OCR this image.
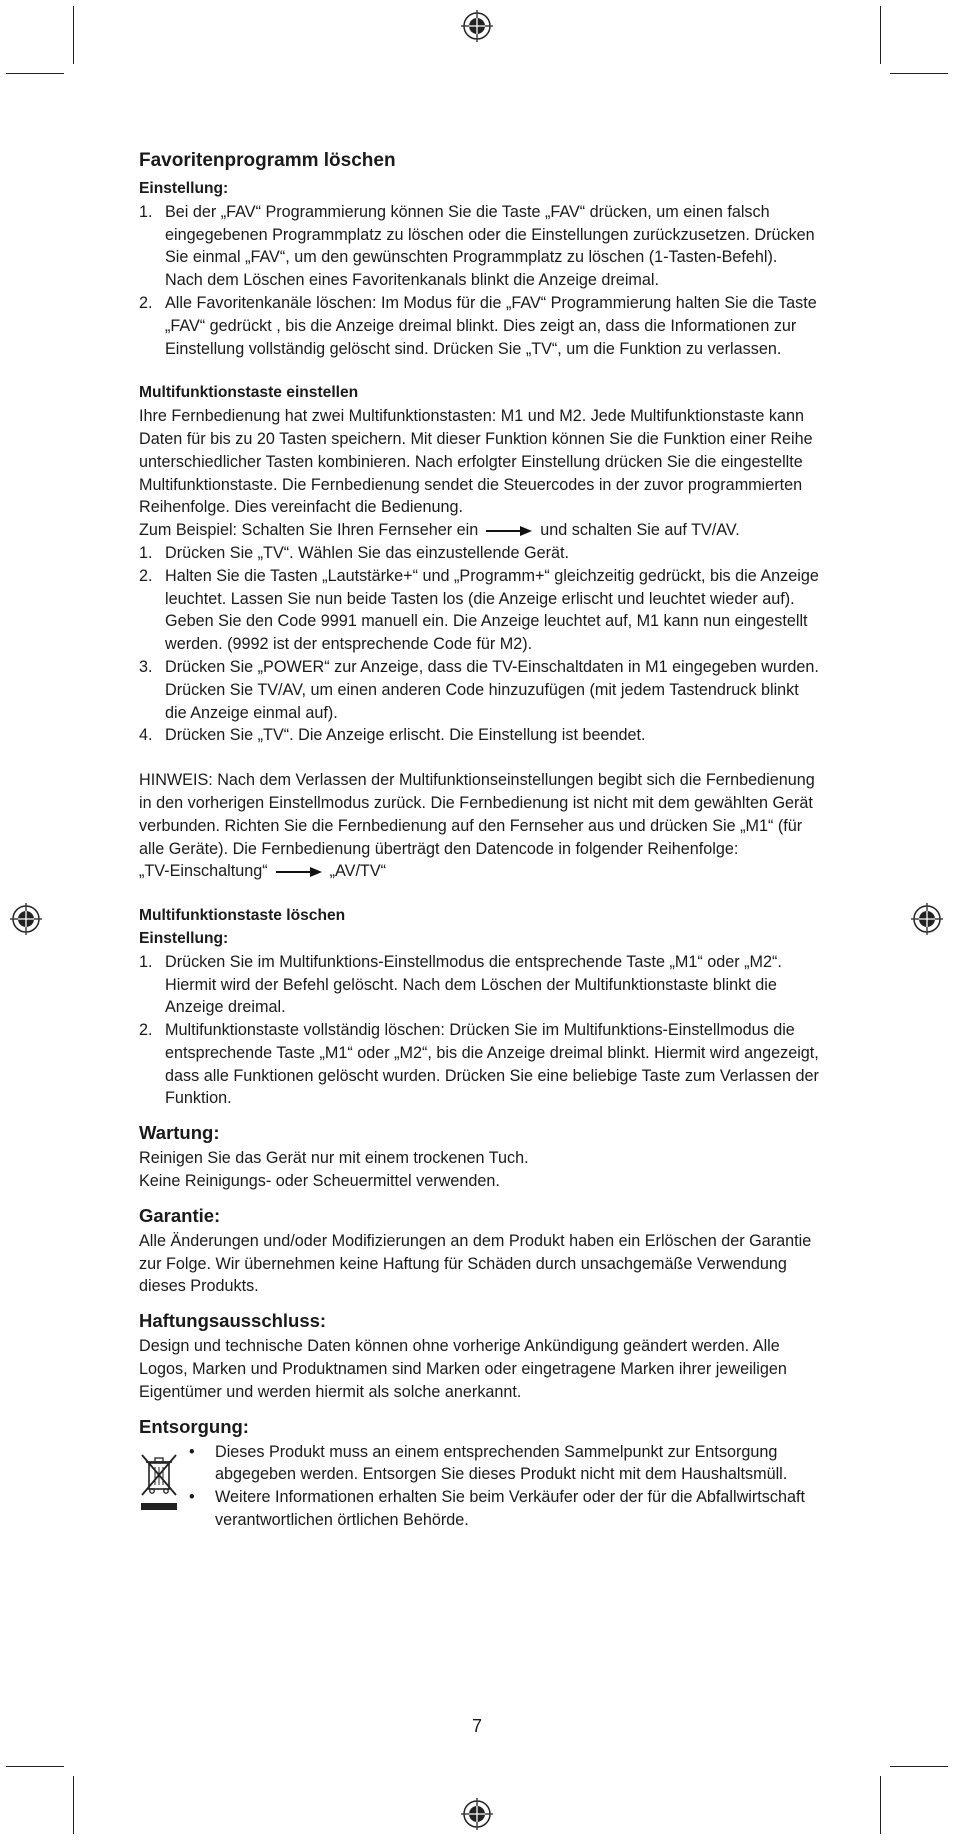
Favoritenprogramm löschen
Einstellung:
1. Bei der „FAV“ Programmierung können Sie die Taste „FAV“ drücken, um einen falsch eingegebenen Programmplatz zu löschen oder die Einstellungen zurückzusetzen. Drücken Sie einmal „FAV“, um den gewünschten Programmplatz zu löschen (1-Tasten-Befehl). Nach dem Löschen eines Favoritenkanals blinkt die Anzeige dreimal.
2. Alle Favoritenkanäle löschen: Im Modus für die „FAV“ Programmierung halten Sie die Taste „FAV“ gedrückt , bis die Anzeige dreimal blinkt. Dies zeigt an, dass die Informationen zur Einstellung vollständig gelöscht sind. Drücken Sie „TV“, um die Funktion zu verlassen.
Multifunktionstaste einstellen

Ihre Fernbedienung hat zwei Multifunktionstasten: M1 und M2. Jede Multifunktionstaste kann Daten für bis zu 20 Tasten speichern. Mit dieser Funktion können Sie die Funktion einer Reihe unterschiedlicher Tasten kombinieren. Nach erfolgter Einstellung drücken Sie die eingestellte Multifunktionstaste. Die Fernbedienung sendet die Steuercodes in der zuvor programmierten Reihenfolge. Dies vereinfacht die Bedienung.

Zum Beispiel: Schalten Sie Ihren Fernseher ein	und schalten Sie auf TV/AV.

1. Drücken Sie „TV“. Wählen Sie das einzustellende Gerät.
2. Halten Sie die Tasten „Lautstärke+“ und „Programm+“ gleichzeitig gedrückt, bis die Anzeige leuchtet. Lassen Sie nun beide Tasten los (die Anzeige erlischt und leuchtet wieder auf).
Geben Sie den Code 9991 manuell ein. Die Anzeige leuchtet auf, M1 kann nun eingestellt werden. (9992 ist der entsprechende Code für M2).
3. Drücken Sie „POWER“ zur Anzeige, dass die TV-Einschaltdaten in M1 eingegeben wurden. Drücken Sie TV/AV, um einen anderen Code hinzuzufügen (mit jedem Tastendruck blinkt die Anzeige einmal auf).
4. Drücken Sie „TV“. Die Anzeige erlischt. Die Einstellung ist beendet.

HINWEIS: Nach dem Verlassen der Multifunktionseinstellungen begibt sich die Fernbedienung in den vorherigen Einstellmodus zurück. Die Fernbedienung ist nicht mit dem gewählten Gerät verbunden. Richten Sie die Fernbedienung auf den Fernseher aus und drücken Sie „M1“ (für alle Geräte). Die Fernbedienung überträgt den Datencode in folgender Reihenfolge:

„TV-Einschaltung“	„AV/TV“

Multifunktionstaste löschen
Einstellung:
1. Drücken Sie im Multifunktions-Einstellmodus die entsprechende Taste „M1“ oder „M2“. Hiermit wird der Befehl gelöscht. Nach dem Löschen der Multifunktionstaste blinkt die Anzeige dreimal.
2. Multifunktionstaste vollständig löschen: Drücken Sie im Multifunktions-Einstellmodus die entsprechende Taste „M1“ oder „M2“, bis die Anzeige dreimal blinkt. Hiermit wird angezeigt, dass alle Funktionen gelöscht wurden. Drücken Sie eine beliebige Taste zum Verlassen der Funktion.
Wartung:

Reinigen Sie das Gerät nur mit einem trockenen Tuch.

Keine Reinigungs- oder Scheuermittel verwenden.

Garantie:

Alle Änderungen und/oder Modifizierungen an dem Produkt haben ein Erlöschen der Garantie zur Folge. Wir übernehmen keine Haftung für Schäden durch unsachgemäße Verwendung dieses Produkts.

Haftungsausschluss:

Design und technische Daten können ohne vorherige Ankündigung geändert werden. Alle Logos, Marken und Produktnamen sind Marken oder eingetragene Marken ihrer jeweiligen Eigentümer und werden hiermit als solche anerkannt.

Entsorgung:
• Dieses Produkt muss an einem entsprechenden Sammelpunkt zur Entsorgung abgegeben werden. Entsorgen Sie dieses Produkt nicht mit dem Haushaltsmüll.
• Weitere Informationen erhalten Sie beim Verkäufer oder der für die Abfallwirtschaft verantwortlichen örtlichen Behörde.
7
